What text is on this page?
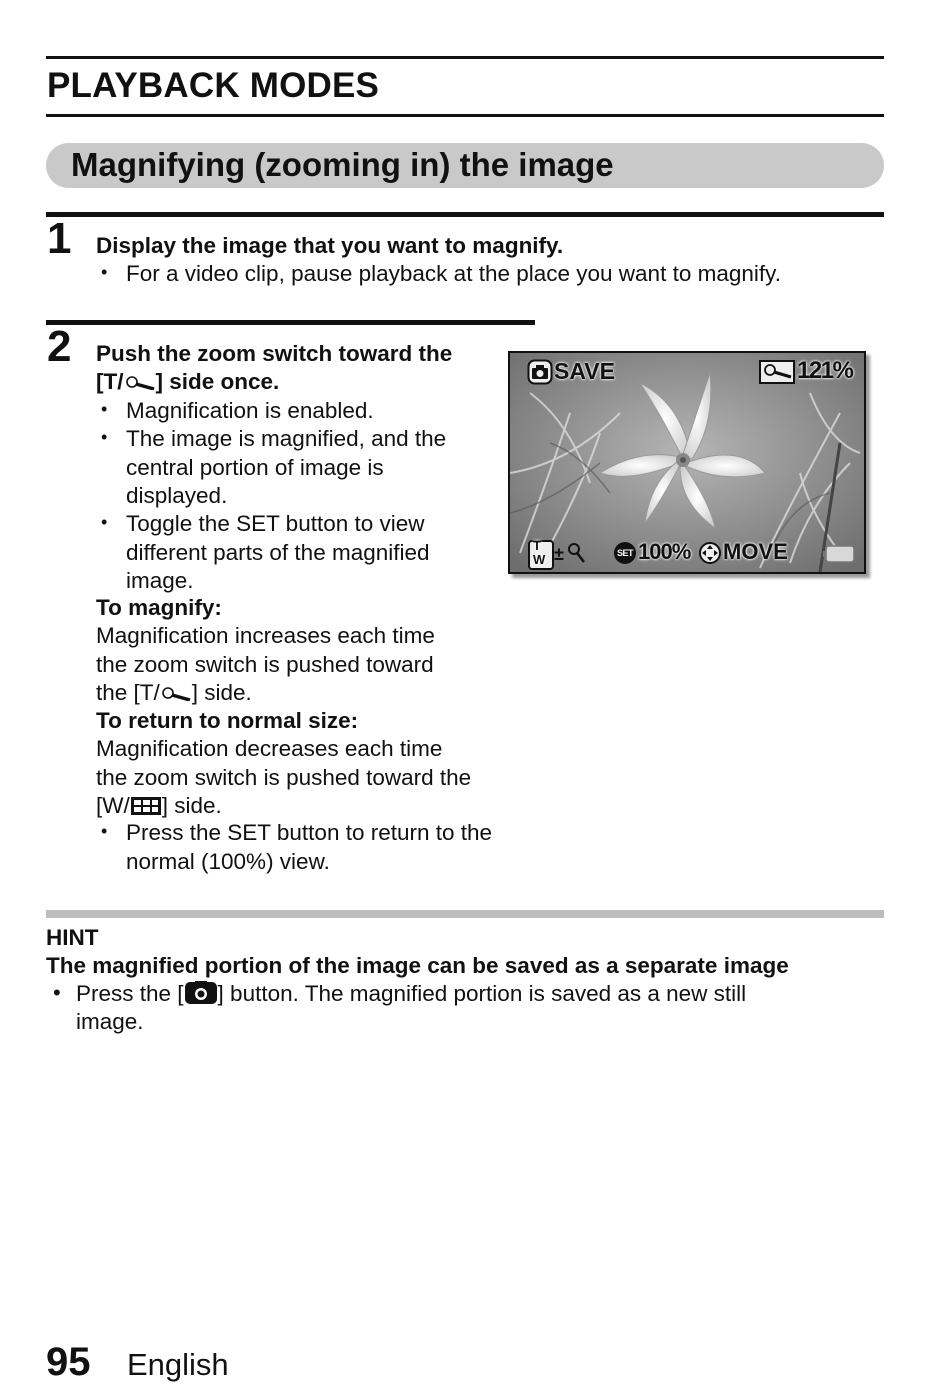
PLAYBACK MODES
Magnifying (zooming in) the image
1 Display the image that you want to magnify.
• For a video clip, pause playback at the place you want to magnify.
2 Push the zoom switch toward the
[T/ ] side once.
• Magnification is enabled.
• The image is magnified, and the
central portion of image is
displayed.
• Toggle the SET button to view
different parts of the magnified
image.
To magnify:
Magnification increases each time
the zoom switch is pushed toward
the [T/ ] side.
To return to normal size:
Magnification decreases each time
the zoom switch is pushed toward the
[W/ ] side.
• Press the SET button to return to the
normal (100%) view.
SAVE	121%
T
W ±	SET 100% MOVE
HINT
The magnified portion of the image can be saved as a separate image
• Press the [ ] button. The magnified portion is saved as a new still
image.
95 English
